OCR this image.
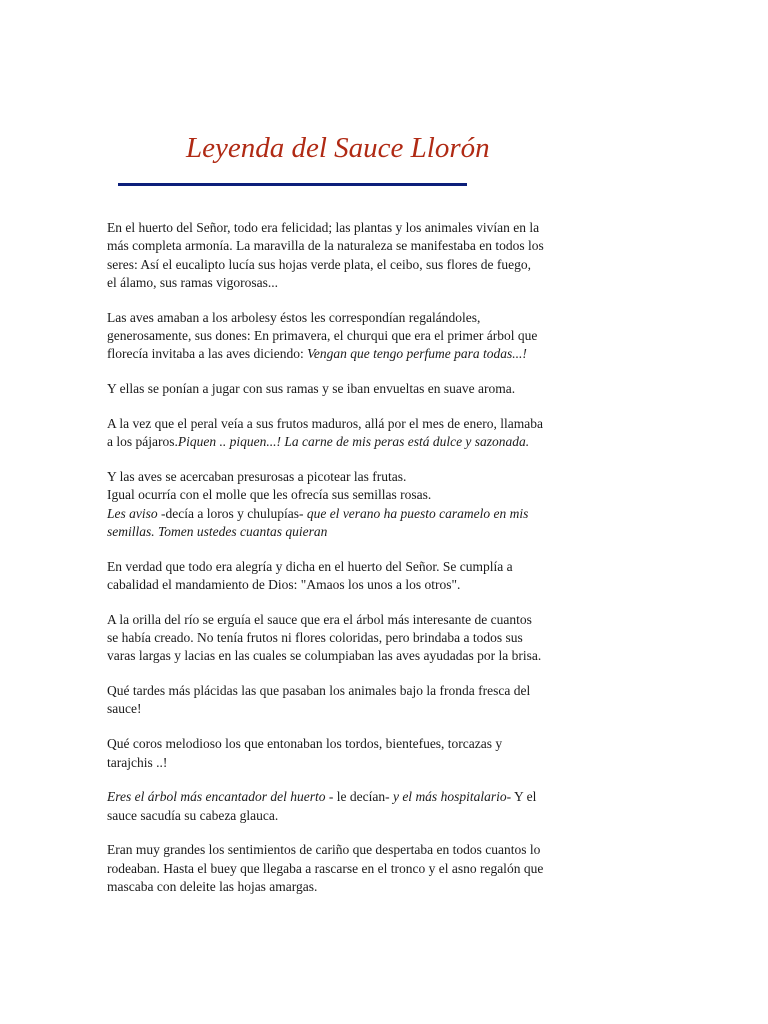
Leyenda del Sauce Llorón

En el huerto del Señor, todo era felicidad; las plantas y los animales vivían en la
más completa armonía. La maravilla de la naturaleza se manifestaba en todos los
seres: Así el eucalipto lucía sus hojas verde plata, el ceibo, sus flores de fuego,
el álamo, sus ramas vigorosas...

Las aves amaban a los arbolesy éstos les correspondían regalándoles,
generosamente, sus dones: En primavera, el churqui que era el primer árbol que
florecía invitaba a las aves diciendo: Vengan que tengo perfume para todas...!

Y ellas se ponían a jugar con sus ramas y se iban envueltas en suave aroma.

A la vez que el peral veía a sus frutos maduros, allá por el mes de enero, llamaba
a los pájaros.Piquen .. piquen...! La carne de mis peras está dulce y sazonada.

Y las aves se acercaban presurosas a picotear las frutas.
Igual ocurría con el molle que les ofrecía sus semillas rosas.
Les aviso -decía a loros y chulupías- que el verano ha puesto caramelo en mis
semillas. Tomen ustedes cuantas quieran

En verdad que todo era alegría y dicha en el huerto del Señor. Se cumplía a
cabalidad el mandamiento de Dios: "Amaos los unos a los otros".

A la orilla del río se erguía el sauce que era el árbol más interesante de cuantos
se había creado. No tenía frutos ni flores coloridas, pero brindaba a todos sus
varas largas y lacias en las cuales se columpiaban las aves ayudadas por la brisa.

Qué tardes más plácidas las que pasaban los animales bajo la fronda fresca del
sauce!

Qué coros melodioso los que entonaban los tordos, bientefues, torcazas y
tarajchis ..!

Eres el árbol más encantador del huerto - le decían- y el más hospitalario- Y el
sauce sacudía su cabeza glauca.

Eran muy grandes los sentimientos de cariño que despertaba en todos cuantos lo
rodeaban. Hasta el buey que llegaba a rascarse en el tronco y el asno regalón que
mascaba con deleite las hojas amargas.
